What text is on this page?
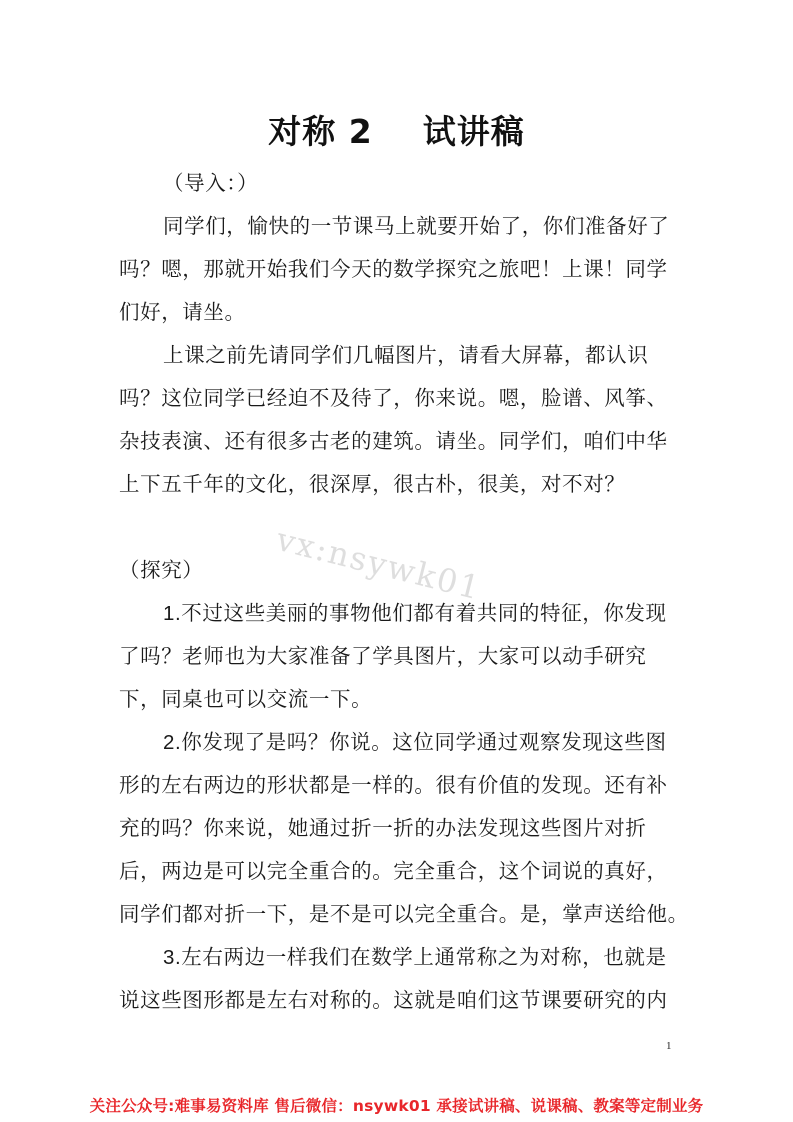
对称 2    试讲稿
vx:nsywk01
（导入：）
同学们，愉快的一节课马上就要开始了，你们准备好了
吗？嗯，那就开始我们今天的数学探究之旅吧！上课！同学
们好，请坐。
上课之前先请同学们几幅图片，请看大屏幕，都认识
吗？这位同学已经迫不及待了，你来说。嗯，脸谱、风筝、
杂技表演、还有很多古老的建筑。请坐。同学们，咱们中华
上下五千年的文化，很深厚，很古朴，很美，对不对？
（探究）
1.不过这些美丽的事物他们都有着共同的特征，你发现
了吗？老师也为大家准备了学具图片，大家可以动手研究
下，同桌也可以交流一下。
2.你发现了是吗？你说。这位同学通过观察发现这些图
形的左右两边的形状都是一样的。很有价值的发现。还有补
充的吗？你来说，她通过折一折的办法发现这些图片对折
后，两边是可以完全重合的。完全重合，这个词说的真好，
同学们都对折一下，是不是可以完全重合。是，掌声送给他。
3.左右两边一样我们在数学上通常称之为对称，也就是
说这些图形都是左右对称的。这就是咱们这节课要研究的内
1
关注公众号:难事易资料库 售后微信：nsywk01 承接试讲稿、说课稿、教案等定制业务
